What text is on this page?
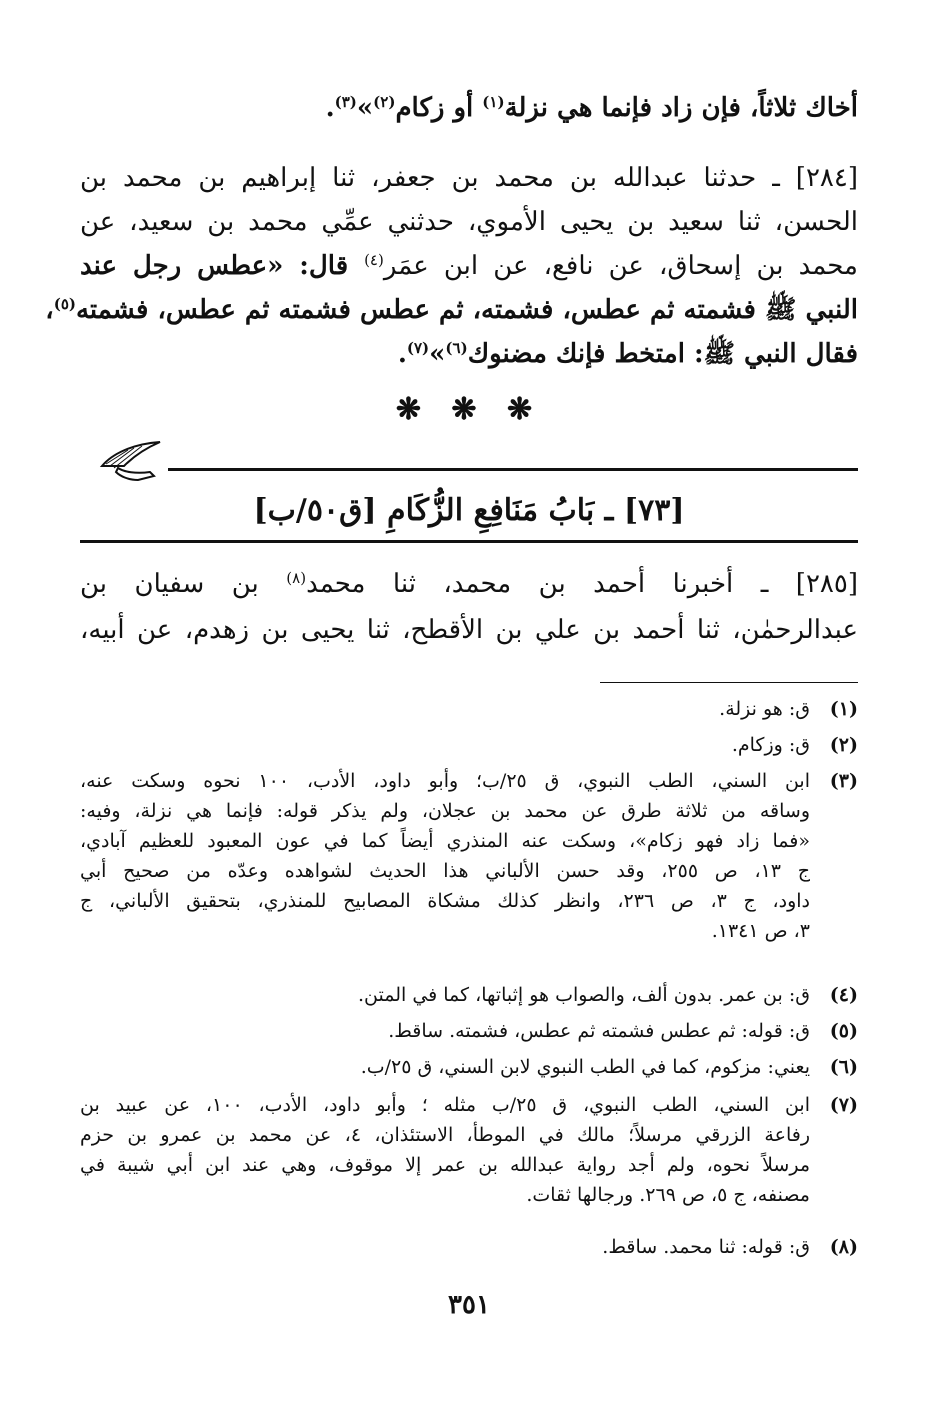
أخاك ثلاثاً، فإن زاد فإنما هي نزلة$^{(١)}$ أو زكام$^{(٢)}$»$^{(٣)}$.
[٢٨٤] ـ حدثنا عبدالله بن محمد بن جعفر، ثنا إبراهيم بن محمد بن
الحسن، ثنا سعيد بن يحيى الأموي، حدثني عمِّي محمد بن سعيد، عن
محمد بن إسحاق، عن نافع، عن ابن عمَر$^{(٤)}$ قال: «عطس رجل عند
النبي ﷺ فشمته ثم عطس، فشمته، ثم عطس فشمته ثم عطس، فشمته$^{(٥)}$،
فقال النبي ﷺ: امتخط فإنك مضنوك$^{(٦)}$»$^{(٧)}$.
❋ ❋ ❋
[٧٣] ـ بَابُ مَنَافِعِ الزُّكَامِ [ق٥٠/ب]
[٢٨٥] ـ أخبرنا أحمد بن محمد، ثنا محمد$^{(٨)}$ بن سفيان بن
عبدالرحمٰن، ثنا أحمد بن علي بن الأقطح، ثنا يحيى بن زهدم، عن أبيه،
(١)
ق: هو نزلة.
(٢)
ق: وزكام.
(٣)
ابن السني، الطب النبوي، ق ٢٥/ب؛ وأبو داود، الأدب، ١٠٠ نحوه وسكت عنه،
وساقه من ثلاثة طرق عن محمد بن عجلان، ولم يذكر قوله: فإنما هي نزلة، وفيه:
«فما زاد فهو زكام»، وسكت عنه المنذري أيضاً كما في عون المعبود للعظيم آبادي،
ج ١٣، ص ٢٥٥، وقد حسن الألباني هذا الحديث لشواهده وعدّه من صحيح أبي
داود، ج ٣، ص ٢٣٦، وانظر كذلك مشكاة المصابيح للمنذري، بتحقيق الألباني، ج
٣، ص ١٣٤١.
(٤)
ق: بن عمر. بدون ألف، والصواب هو إثباتها، كما في المتن.
(٥)
ق: قوله: ثم عطس فشمته ثم عطس، فشمته. ساقط.
(٦)
يعني: مزكوم، كما في الطب النبوي لابن السني، ق ٢٥/ب.
(٧)
ابن السني، الطب النبوي، ق ٢٥/ب مثله ؛ وأبو داود، الأدب، ١٠٠، عن عبيد بن
رفاعة الزرقي مرسلاً؛ مالك في الموطأ، الاستئذان، ٤، عن محمد بن عمرو بن حزم
مرسلاً نحوه، ولم أجد رواية عبدالله بن عمر إلا موقوف، وهي عند ابن أبي شيبة في
مصنفه، ج ٥، ص ٢٦٩. ورجالها ثقات.
(٨)
ق: قوله: ثنا محمد. ساقط.
٣٥١
